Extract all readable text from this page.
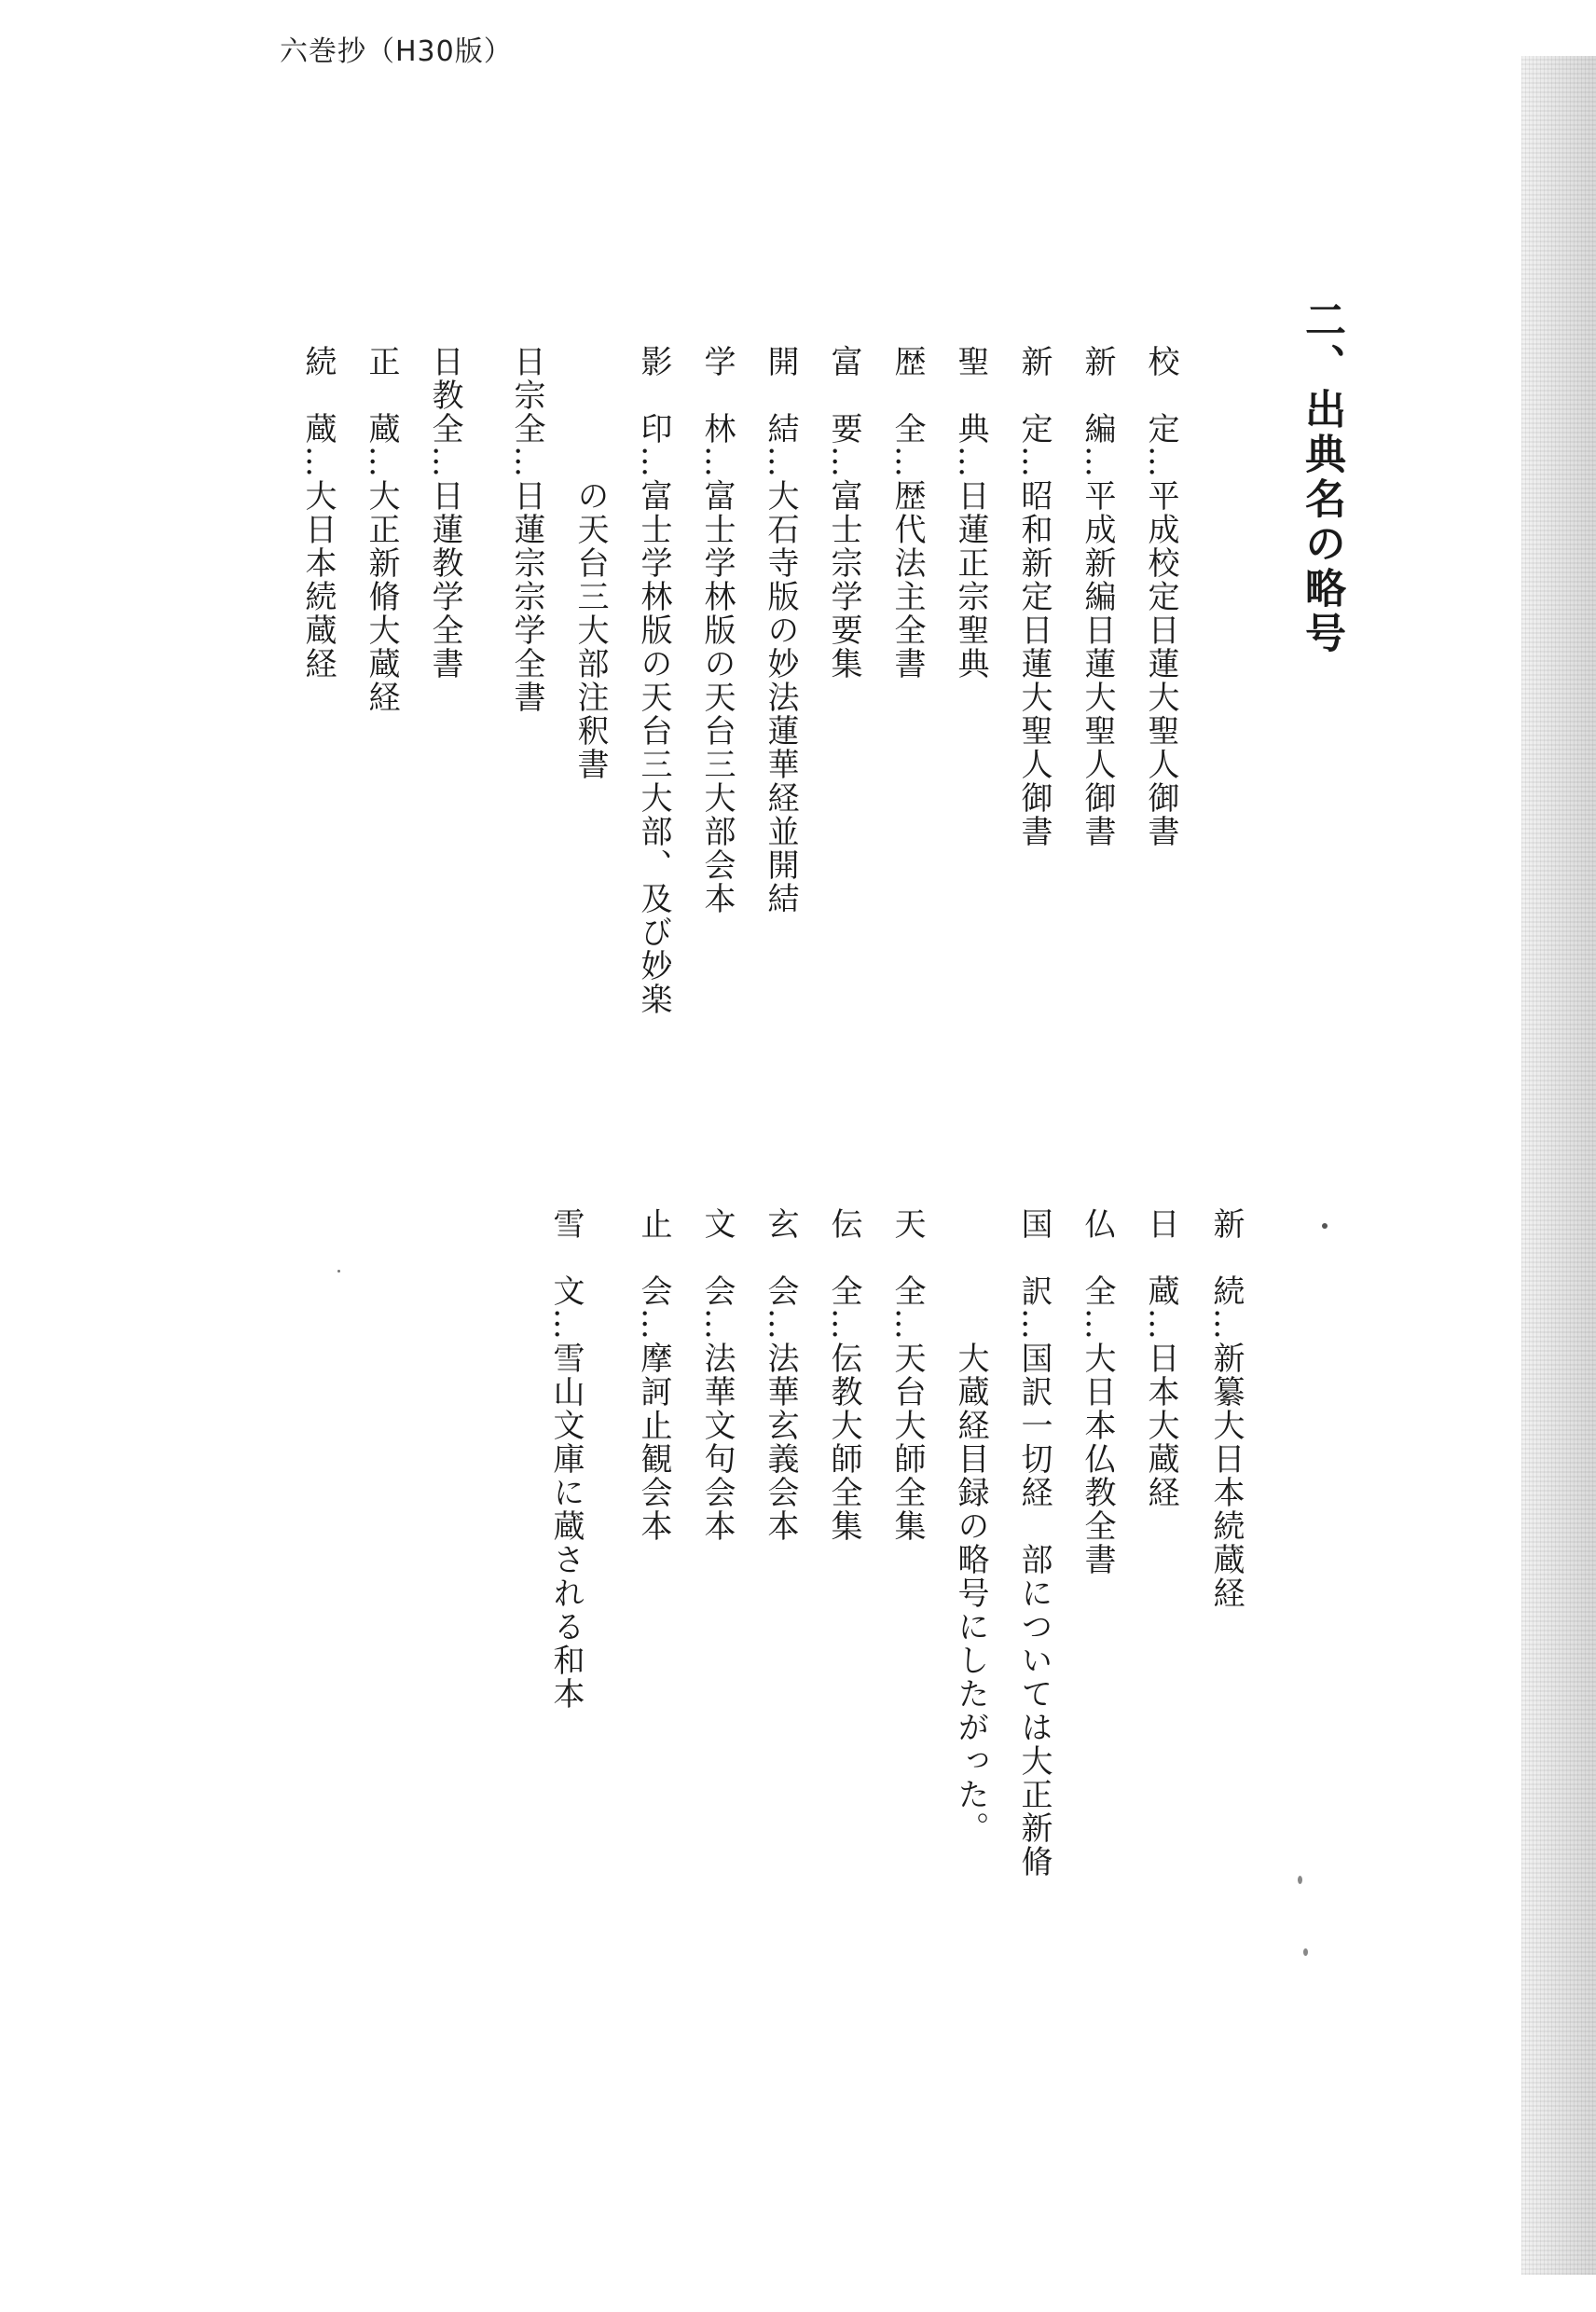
六巻抄（H30版）
二、出典名の略号
校　定…平成校定日蓮大聖人御書
新　編…平成新編日蓮大聖人御書
新　定…昭和新定日蓮大聖人御書
聖　典…日蓮正宗聖典
歴　全…歴代法主全書
富　要…富士宗学要集
開　結…大石寺版の妙法蓮華経並開結
学　林…富士学林版の天台三大部会本
影　印…富士学林版の天台三大部、及び妙楽
　　　　の天台三大部注釈書
日宗全…日蓮宗宗学全書
日教全…日蓮教学全書
正　蔵…大正新脩大蔵経
続　蔵…大日本続蔵経
新　続…新纂大日本続蔵経
日　蔵…日本大蔵経
仏　全…大日本仏教全書
国　訳…国訳一切経　部については大正新脩
　　　　大蔵経目録の略号にしたがった。
天　全…天台大師全集
伝　全…伝教大師全集
玄　会…法華玄義会本
文　会…法華文句会本
止　会…摩訶止観会本
雪　文…雪山文庫に蔵される和本
